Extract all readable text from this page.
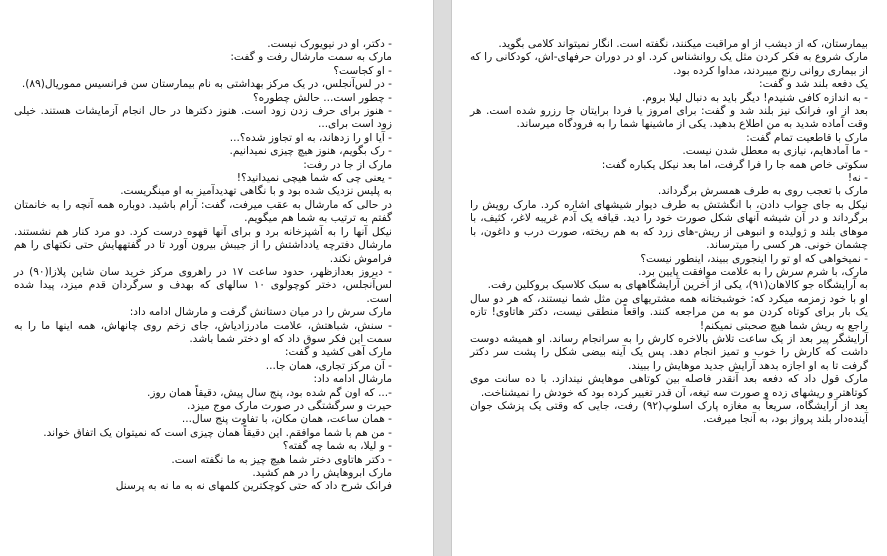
- دکتر، او در نیویورک نیست.

مارک به سمت مارشال رفت و گفت:

- او کجاست؟

- در لس‌آنجلس، در یک مرکز بهداشتی به نام بیمارستان سن فرانسیس مموریال(۸۹).

- چطور است... حالش چطوره؟

- هنوز برای حرف زدن زود است. هنوز دکترها در حال انجام آزمایشات هستند. خیلی زود است برای...

- آیا او را زدهاند، به او تجاوز شده؟...

- رک بگویم، هنوز هیچ چیزی نمیدانیم.

مارک از جا در رفت:

- یعنی چی که شما هیچی نمیدانید؟!

به پلیس نزدیک شده بود و با نگاهی تهدیدآمیز به او مینگریست.

در حالی که مارشال به عقب میرفت، گفت: آرام باشید. دوباره همه آنچه را به خانمتان گفتم به ترتیب به شما هم میگویم.

نیکل آنها را به آشپزخانه برد و برای آنها قهوه درست کرد. دو مرد کنار هم نشستند. مارشال دفترچه یادداشتش را از جیبش بیرون آورد تا در گفتههایش حتی نکتهای را هم فراموش نکند.

- دیروز بعدازظهر، حدود ساعت ۱۷ در راهروی مرکز خرید سان شاین پلازا(۹۰) در لس‌آنجلس، دختر کوچولوی ۱۰ سالهای که بهدف و سرگردان قدم میزد، پیدا شده است.

مارک سرش را در میان دستانش گرفت و مارشال ادامه داد:

- سنش، شباهتش، علامت مادرزادیاش، جای زخم روی چانهاش، همه اینها ما را به سمت این فکر سوق داد که او دختر شما باشد.

مارک آهی کشید و گفت:

- آن مرکز تجاری، همان جا...

مارشال ادامه داد:

-... که اون گم شده بود، پنج سال پیش، دقیقاً همان روز.

حیرت و سرگشتگی در صورت مارک موج میزد.

- همان ساعت، همان مکان، با تفاوت پنج سال...

- من هم با شما موافقم. این دقیقاً همان چیزی است که نمیتوان یک اتفاق خواند.

- و لیلا، به شما چه گفته؟

- دکتر هاتاوی دختر شما هیچ چیز به ما نگفته است.

مارک ابروهایش را در هم کشید.

فرانک شرح داد که حتی کوچکترین کلمهای نه به ما نه به پرسنل

بیمارستان، که از دیشب از او مراقبت میکنند، نگفته است. انگار نمیتواند کلامی بگوید.

مارک شروع به فکر کردن مثل یک روانشناس کرد. او در دوران حرفهای-اش، کودکانی را که از بیماری روانی رنج میبردند، مداوا کرده بود.

یک دفعه بلند شد و گفت:

- به اندازه کافی شنیدم! دیگر باید به دنبال لیلا بروم.

بعد از او، فرانک نیز بلند شد و گفت: برای امروز یا فردا برایتان جا رزرو شده است. هر وقت آماده شدید به من اطلاع بدهید. یکی از ماشینها شما را به فرودگاه میرساند.

مارک با قاطعیت تمام گفت:

- ما آمادهایم، نیازی به معطل شدن نیست.

سکوتی خاص همه جا را فرا گرفت، اما بعد نیکل یکباره گفت:

- نه!

مارک با تعجب روی به طرف همسرش برگرداند.

نیکل به جای جواب دادن، با انگشتش به طرف دیوار شیشهای اشاره کرد. مارک رویش را برگرداند و در آن شیشه آنهای شکل صورت خود را دید. قیافه یک آدم غریبه لاغر، کثیف، با موهای بلند و ژولیده و انبوهی از ریش-های زرد که به هم ریخته، صورت درب و داغون، با چشمان خونی. هر کسی را میترساند.

- نمیخواهی که او تو را اینجوری ببیند، اینطور نیست؟

مارک، با شرم سرش را به علامت موافقت پایین برد.

به آرایشگاه جو کالاهان(۹۱)، یکی از آخرین آرایشگاههای به سبک کلاسیک بروکلین رفت.

او با خود زمزمه میکرد که: خوشبختانه همه مشتریهای من مثل شما نیستند، که هر دو سال یک بار برای کوتاه کردن مو به من مراجعه کنند. واقعاً منطقی نیست، دکتر هاتاوی! تازه راجع به ریش شما هیچ صحبتی نمیکنم!

آرایشگر پیر بعد از یک ساعت تلاش بالاخره کارش را به سرانجام رساند. او همیشه دوست داشت که کارش را خوب و تمیز انجام دهد. پس یک آینه بیضی شکل را پشت سر دکتر گرفت تا به او اجازه بدهد آرایش جدید موهایش را ببیند.

مارک قول داد که دفعه بعد آنقدر فاصله بین کوتاهی موهایش نیندازد. با ده سانت موی کوتاهتر و ریشهای زده و صورت سه تیغه، آن قدر تغییر کرده بود که خودش را نمیشناخت.

بعد از آرایشگاه، سریعاً به مغازه پارک اسلوپ(۹۲) رفت، جایی که وقتی یک پزشک جوان آینده‌دار بلند پرواز بود، به آنجا میرفت.
